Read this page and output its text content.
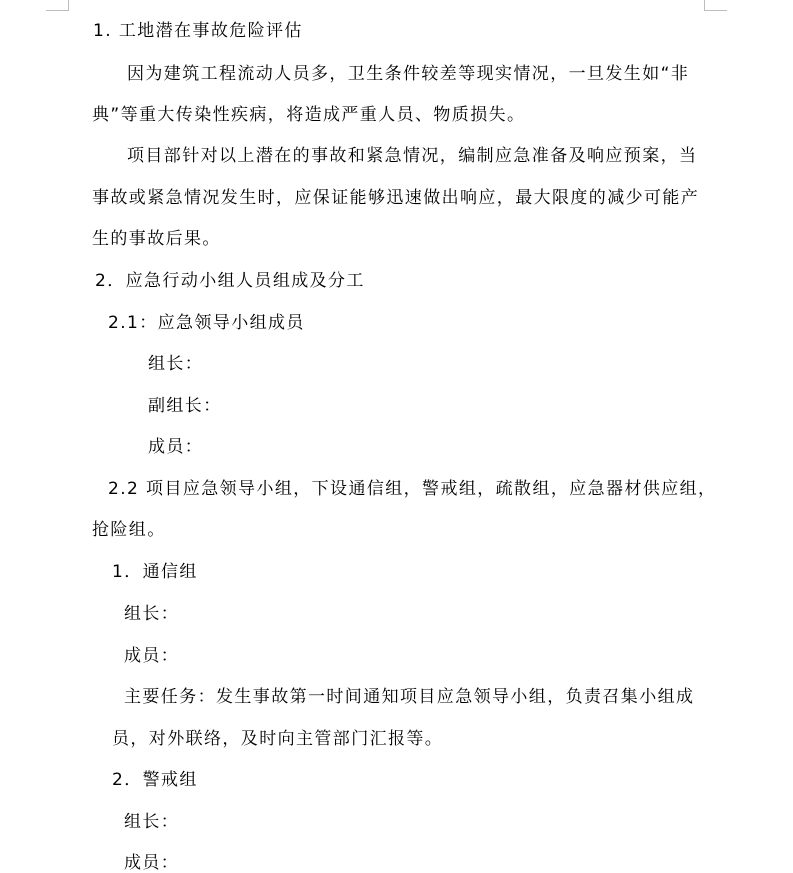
1. 工地潜在事故危险评估
因为建筑工程流动人员多，卫生条件较差等现实情况，一旦发生如“非
典”等重大传染性疾病，将造成严重人员、物质损失。
项目部针对以上潜在的事故和紧急情况，编制应急准备及响应预案，当
事故或紧急情况发生时，应保证能够迅速做出响应，最大限度的减少可能产
生的事故后果。
2．应急行动小组人员组成及分工
2.1：应急领导小组成员
组长：
副组长：
成员：
2.2 项目应急领导小组，下设通信组，警戒组，疏散组，应急器材供应组，
抢险组。
1．通信组
组长：
成员：
主要任务：发生事故第一时间通知项目应急领导小组，负责召集小组成
员，对外联络，及时向主管部门汇报等。
2．警戒组
组长：
成员：
